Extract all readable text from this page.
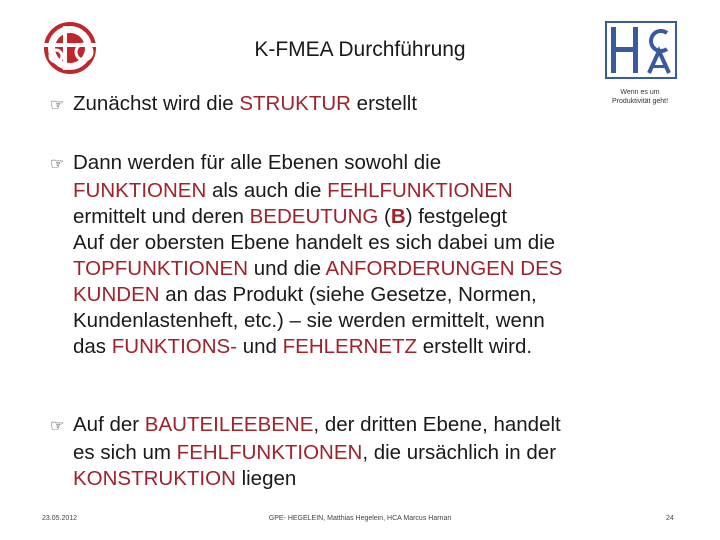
K-FMEA Durchführung
Wenn es um
Produktivität geht!
☞ Zunächst wird die STRUKTUR erstellt
☞ Dann werden für alle Ebenen sowohl die
FUNKTIONEN als auch die FEHLFUNKTIONEN
ermittelt und deren BEDEUTUNG (B) festgelegt
Auf der obersten Ebene handelt es sich dabei um die
TOPFUNKTIONEN und die ANFORDERUNGEN DES
KUNDEN an das Produkt (siehe Gesetze, Normen,
Kundenlastenheft, etc.) – sie werden ermittelt, wenn
das FUNKTIONS- und FEHLERNETZ erstellt wird.
☞ Auf der BAUTEILEEBENE, der dritten Ebene, handelt
es sich um FEHLFUNKTIONEN, die ursächlich in der
KONSTRUKTION liegen
23.05.2012	GPE- HEGELEIN, Matthias Hegelein, HCA Marcus Harnan	24
